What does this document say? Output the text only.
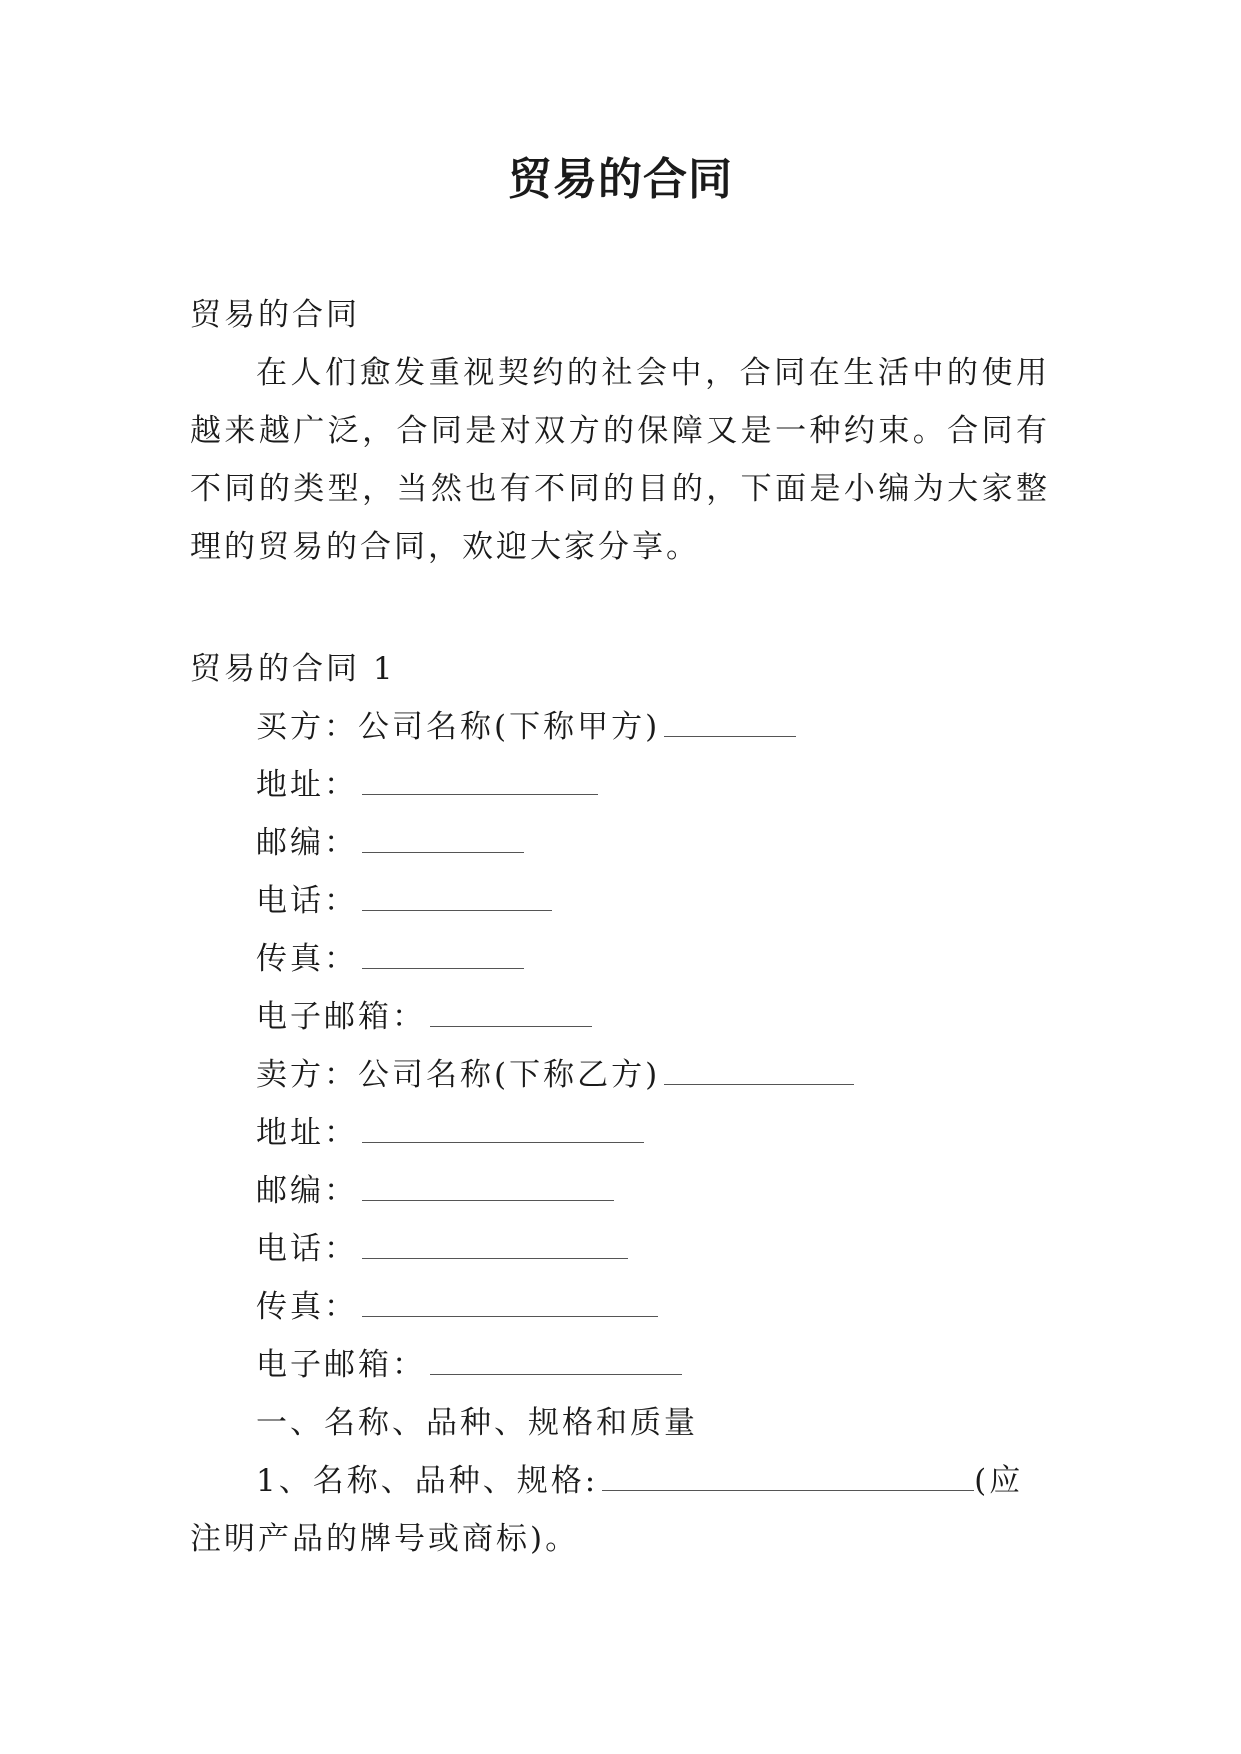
贸易的合同
贸易的合同
在人们愈发重视契约的社会中，合同在生活中的使用越来越广泛，合同是对双方的保障又是一种约束。合同有不同的类型，当然也有不同的目的，下面是小编为大家整理的贸易的合同，欢迎大家分享。
贸易的合同 1
买方：公司名称(下称甲方)
地址：
邮编：
电话：
传真：
电子邮箱：
卖方：公司名称(下称乙方)
地址：
邮编：
电话：
传真：
电子邮箱：
一、名称、品种、规格和质量
1、名称、品种、规格:	(应
注明产品的牌号或商标)。
